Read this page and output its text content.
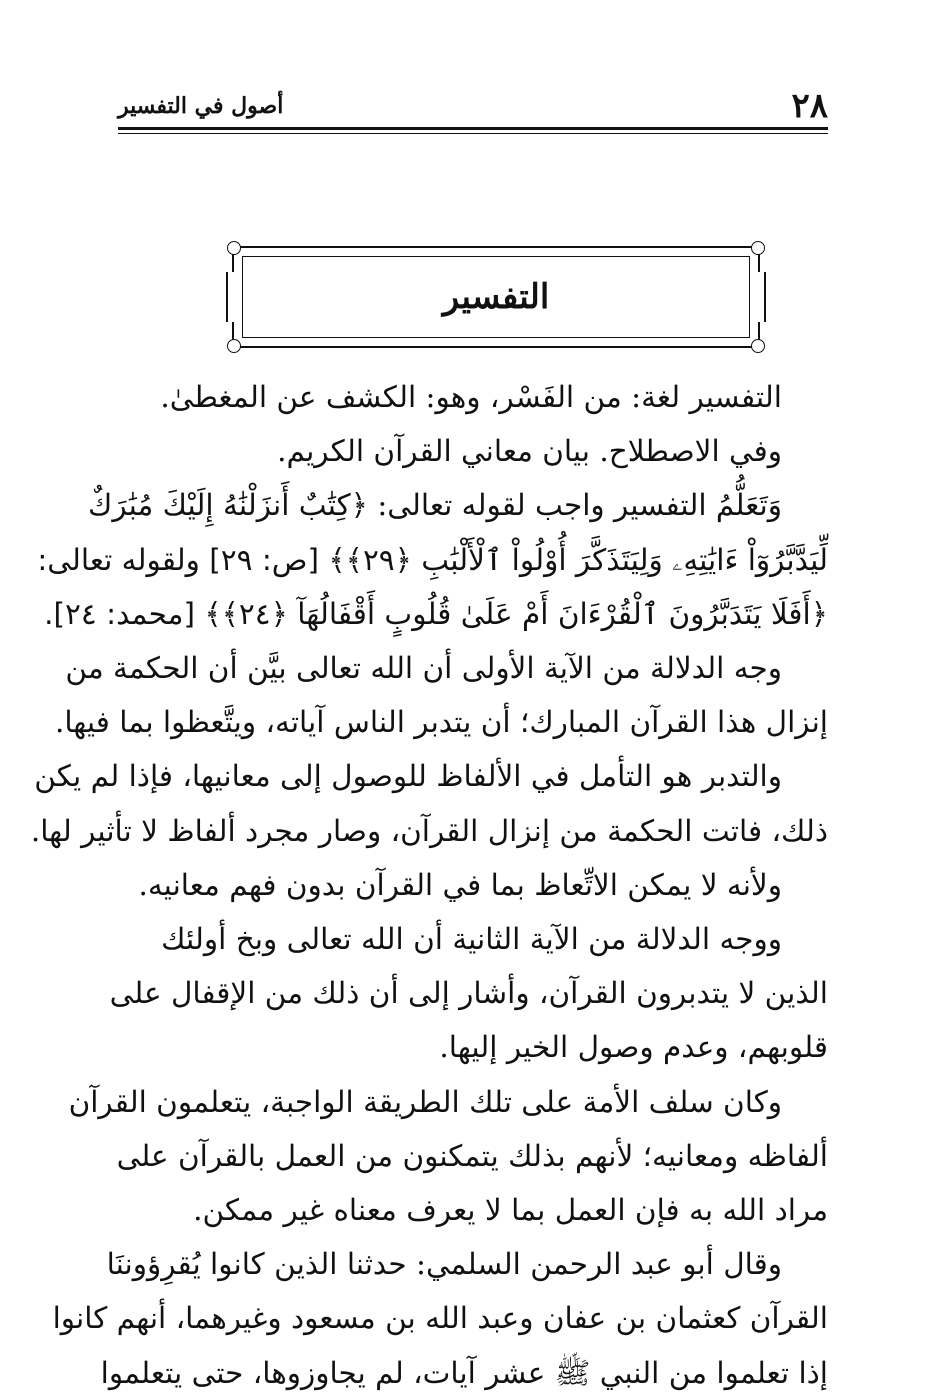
٢٨
أصول في التفسير
التفسير
التفسير لغة: من الفَسْر، وهو: الكشف عن المغطىٰ.
وفي الاصطلاح. بيان معاني القرآن الكريم.
وَتَعَلُّمُ التفسير واجب لقوله تعالى: ﴿كِتَٰبٌ أَنزَلْنَٰهُ إِلَيْكَ مُبَٰرَكٌ
لِّيَدَّبَّرُوٓاْ ءَايَٰتِهِۦ وَلِيَتَذَكَّرَ أُوْلُواْ ٱلْأَلْبَٰبِ ﴿٢٩﴾﴾ [ص: ٢٩] ولقوله تعالى:
﴿أَفَلَا يَتَدَبَّرُونَ ٱلْقُرْءَانَ أَمْ عَلَىٰ قُلُوبٍ أَقْفَالُهَآ ﴿٢٤﴾﴾ [محمد: ٢٤].
وجه الدلالة من الآية الأولى أن الله تعالى بيَّن أن الحكمة من
إنزال هذا القرآن المبارك؛ أن يتدبر الناس آياته، ويتَّعظوا بما فيها.
والتدبر هو التأمل في الألفاظ للوصول إلى معانيها، فإذا لم يكن
ذلك، فاتت الحكمة من إنزال القرآن، وصار مجرد ألفاظ لا تأثير لها.
ولأنه لا يمكن الاتِّعاظ بما في القرآن بدون فهم معانيه.
ووجه الدلالة من الآية الثانية أن الله تعالى وبخ أولئك
الذين لا يتدبرون القرآن، وأشار إلى أن ذلك من الإقفال على
قلوبهم، وعدم وصول الخير إليها.
وكان سلف الأمة على تلك الطريقة الواجبة، يتعلمون القرآن
ألفاظه ومعانيه؛ لأنهم بذلك يتمكنون من العمل بالقرآن على
مراد الله به فإن العمل بما لا يعرف معناه غير ممكن.
وقال أبو عبد الرحمن السلمي: حدثنا الذين كانوا يُقرِؤوننَا
القرآن كعثمان بن عفان وعبد الله بن مسعود وغيرهما، أنهم كانوا
إذا تعلموا من النبي ﷺ عشر آيات، لم يجاوزوها، حتى يتعلموا
